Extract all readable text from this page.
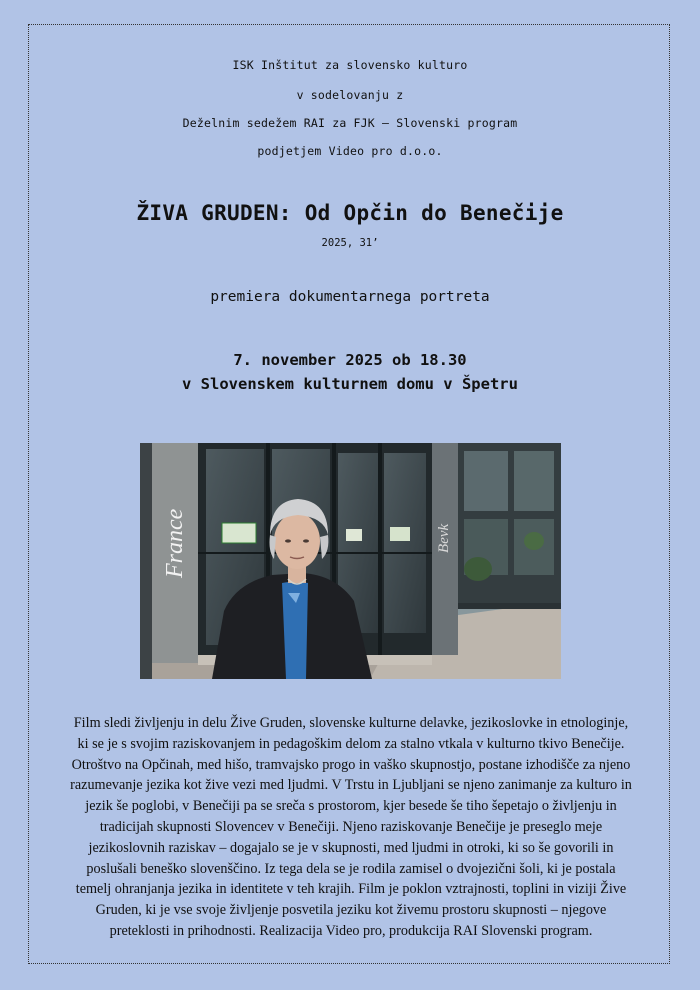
ISK Inštitut za slovensko kulturo
v sodelovanju z
Deželnim sedežem RAI za FJK – Slovenski program
podjetjem Video pro d.o.o.
ŽIVA GRUDEN: Od Opčin do Benečije
2025, 31’
premiera dokumentarnega portreta
7. november 2025 ob 18.30
v Slovenskem kulturnem domu v Špetru
France	Bevk
Film sledi življenju in delu Žive Gruden, slovenske kulturne delavke, jezikoslovke in etnologinje, ki se je s svojim raziskovanjem in pedagoškim delom za stalno vtkala v kulturno tkivo Benečije. Otroštvo na Opčinah, med hišo, tramvajsko progo in vaško skupnostjo, postane izhodišče za njeno razumevanje jezika kot žive vezi med ljudmi. V Trstu in Ljubljani se njeno zanimanje za kulturo in jezik še poglobi, v Benečiji pa se sreča s prostorom, kjer besede še tiho šepetajo o življenju in tradicijah skupnosti Slovencev v Benečiji. Njeno raziskovanje Benečije je preseglo meje jezikoslovnih raziskav – dogajalo se je v skupnosti, med ljudmi in otroki, ki so še govorili in poslušali beneško slovenščino. Iz tega dela se je rodila zamisel o dvojezični šoli, ki je postala temelj ohranjanja jezika in identitete v teh krajih. Film je poklon vztrajnosti, toplini in viziji Žive Gruden, ki je vse svoje življenje posvetila jeziku kot živemu prostoru skupnosti – njegove preteklosti in prihodnosti. Realizacija Video pro, produkcija RAI Slovenski program.
